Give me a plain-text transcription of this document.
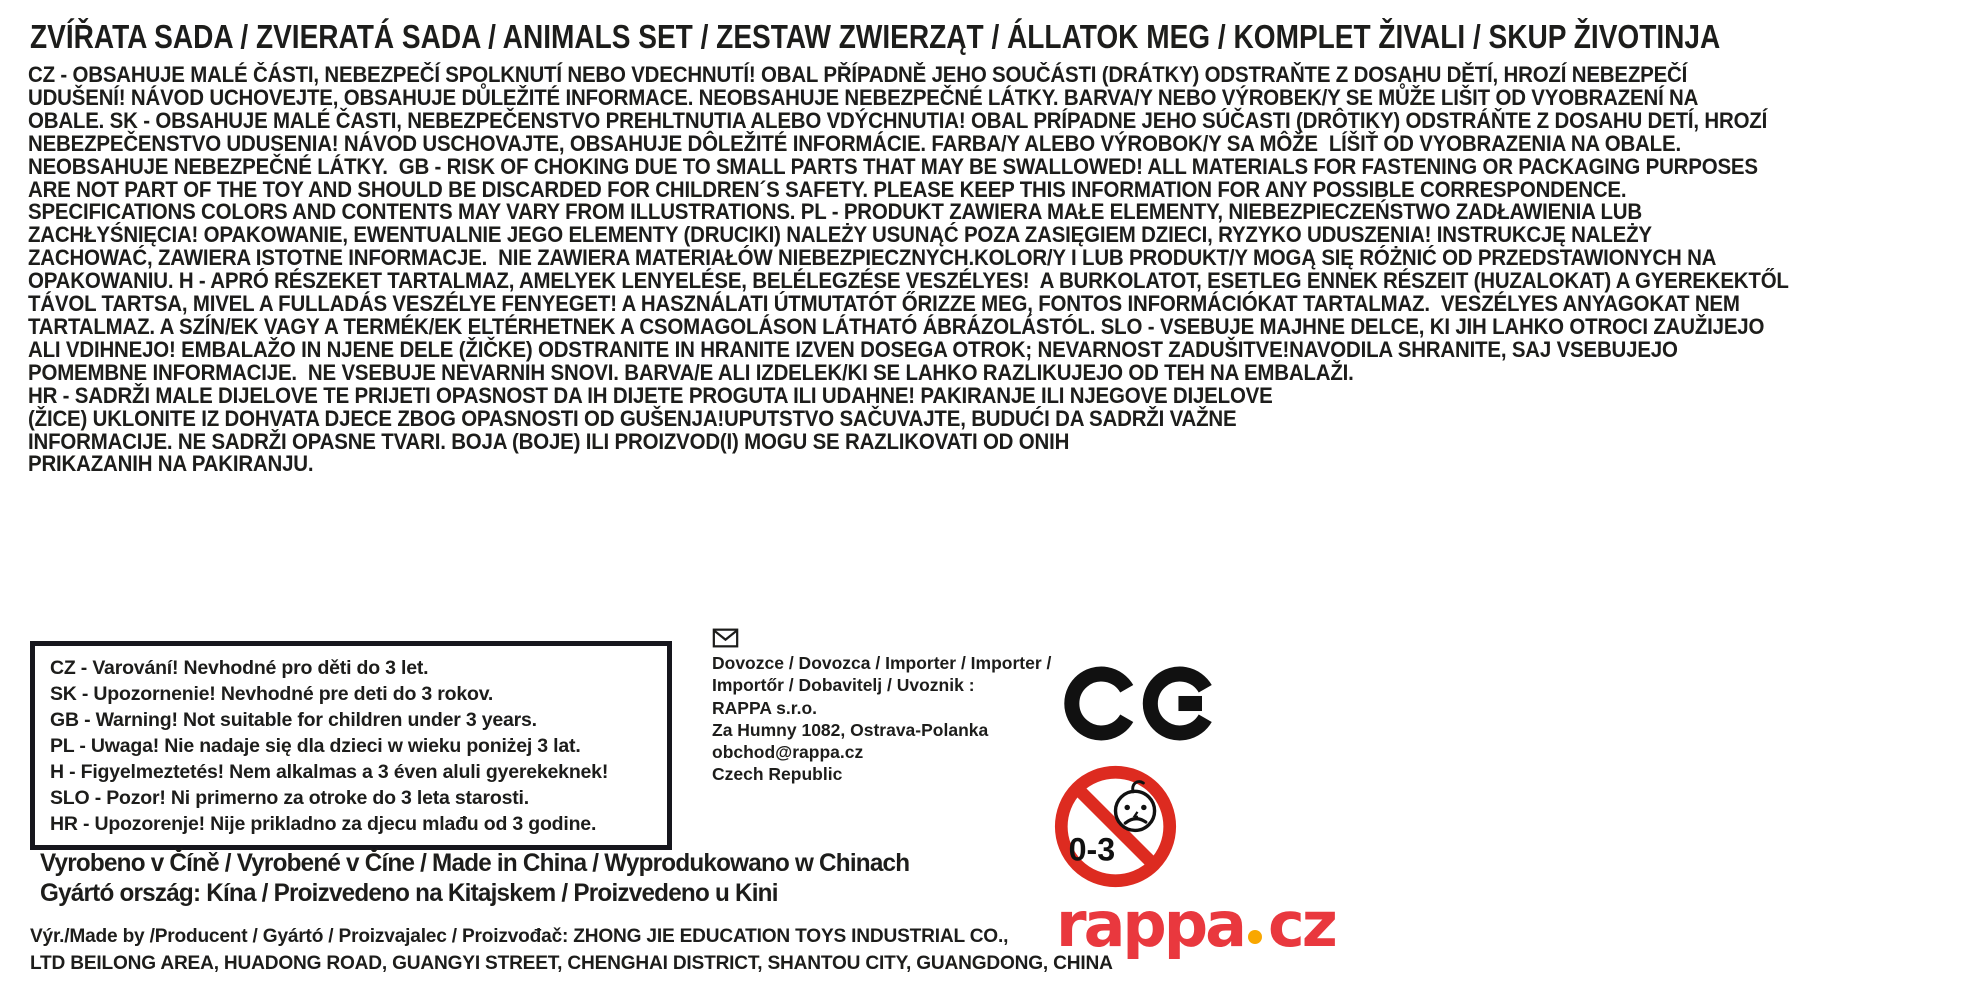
ZVÍŘATA SADA / ZVIERATÁ SADA / ANIMALS SET / ZESTAW ZWIERZĄT / ÁLLATOK MEG / KOMPLET ŽIVALI / SKUP ŽIVOTINJA
CZ - OBSAHUJE MALÉ ČÁSTI, NEBEZPEČÍ SPOLKNUTÍ NEBO VDECHNUTÍ! OBAL PŘÍPADNĚ JEHO SOUČÁSTI (DRÁTKY) ODSTRAŇTE Z DOSAHU DĚTÍ, HROZÍ NEBEZPEČÍ
UDUŠENÍ! NÁVOD UCHOVEJTE, OBSAHUJE DŮLEŽITÉ INFORMACE. NEOBSAHUJE NEBEZPEČNÉ LÁTKY. BARVA/Y NEBO VÝROBEK/Y SE MŮŽE LIŠIT OD VYOBRAZENÍ NA
OBALE. SK - OBSAHUJE MALÉ ČASTI, NEBEZPEČENSTVO PREHLTNUTIA ALEBO VDÝCHNUTIA! OBAL PRÍPADNE JEHO SÚČASTI (DRÔTIKY) ODSTRÁŇTE Z DOSAHU DETÍ, HROZÍ
NEBEZPEČENSTVO UDUSENIA! NÁVOD USCHOVAJTE, OBSAHUJE DÔLEŽITÉ INFORMÁCIE. FARBA/Y ALEBO VÝROBOK/Y SA MÔŽE  LÍŠIŤ OD VYOBRAZENIA NA OBALE.
NEOBSAHUJE NEBEZPEČNÉ LÁTKY.  GB - RISK OF CHOKING DUE TO SMALL PARTS THAT MAY BE SWALLOWED! ALL MATERIALS FOR FASTENING OR PACKAGING PURPOSES
ARE NOT PART OF THE TOY AND SHOULD BE DISCARDED FOR CHILDREN´S SAFETY. PLEASE KEEP THIS INFORMATION FOR ANY POSSIBLE CORRESPONDENCE.
SPECIFICATIONS COLORS AND CONTENTS MAY VARY FROM ILLUSTRATIONS. PL - PRODUKT ZAWIERA MAŁE ELEMENTY, NIEBEZPIECZEŃSTWO ZADŁAWIENIA LUB
ZACHŁYŚNIĘCIA! OPAKOWANIE, EWENTUALNIE JEGO ELEMENTY (DRUCIKI) NALEŻY USUNĄĆ POZA ZASIĘGIEM DZIECI, RYZYKO UDUSZENIA! INSTRUKCJĘ NALEŻY
ZACHOWAĆ, ZAWIERA ISTOTNE INFORMACJE.  NIE ZAWIERA MATERIAŁÓW NIEBEZPIECZNYCH.KOLOR/Y I LUB PRODUKT/Y MOGĄ SIĘ RÓŻNIĆ OD PRZEDSTAWIONYCH NA
OPAKOWANIU. H - APRÓ RÉSZEKET TARTALMAZ, AMELYEK LENYELÉSE, BELÉLEGZÉSE VESZÉLYES!  A BURKOLATOT, ESETLEG ENNEK RÉSZEIT (HUZALOKAT) A GYEREKEKTŐL
TÁVOL TARTSA, MIVEL A FULLADÁS VESZÉLYE FENYEGET! A HASZNÁLATI ÚTMUTATÓT ŐRIZZE MEG, FONTOS INFORMÁCIÓKAT TARTALMAZ.  VESZÉLYES ANYAGOKAT NEM
TARTALMAZ. A SZÍN/EK VAGY A TERMÉK/EK ELTÉRHETNEK A CSOMAGOLÁSON LÁTHATÓ ÁBRÁZOLÁSTÓL. SLO - VSEBUJE MAJHNE DELCE, KI JIH LAHKO OTROCI ZAUŽIJEJO
ALI VDIHNEJO! EMBALAŽO IN NJENE DELE (ŽIČKE) ODSTRANITE IN HRANITE IZVEN DOSEGA OTROK; NEVARNOST ZADUŠITVE!NAVODILA SHRANITE, SAJ VSEBUJEJO
POMEMBNE INFORMACIJE.  NE VSEBUJE NEVARNIH SNOVI. BARVA/E ALI IZDELEK/KI SE LAHKO RAZLIKUJEJO OD TEH NA EMBALAŽI.
HR - SADRŽI MALE DIJELOVE TE PRIJETI OPASNOST DA IH DIJETE PROGUTA ILI UDAHNE! PAKIRANJE ILI NJEGOVE DIJELOVE
(ŽICE) UKLONITE IZ DOHVATA DJECE ZBOG OPASNOSTI OD GUŠENJA!UPUTSTVO SAČUVAJTE, BUDUĆI DA SADRŽI VAŽNE
INFORMACIJE. NE SADRŽI OPASNE TVARI. BOJA (BOJE) ILI PROIZVOD(I) MOGU SE RAZLIKOVATI OD ONIH
PRIKAZANIH NA PAKIRANJU.
CZ - Varování! Nevhodné pro děti do 3 let.
SK - Upozornenie! Nevhodné pre deti do 3 rokov.
GB - Warning! Not suitable for children under 3 years.
PL - Uwaga! Nie nadaje się dla dzieci w wieku poniżej 3 lat.
H - Figyelmeztetés! Nem alkalmas a 3 éven aluli gyerekeknek!
SLO - Pozor! Ni primerno za otroke do 3 leta starosti.
HR - Upozorenje! Nije prikladno za djecu mlađu od 3 godine.
Dovozce / Dovozca / Importer / Importer /
Importőr / Dobavitelj / Uvoznik :
RAPPA s.r.o.
Za Humny 1082, Ostrava-Polanka
obchod@rappa.cz
Czech Republic
0-3
Vyrobeno v Číně / Vyrobené v Číne / Made in China / Wyprodukowano w Chinach
Gyártó ország: Kína / Proizvedeno na Kitajskem / Proizvedeno u Kini
Výr./Made by /Producent / Gyártó / Proizvajalec / Proizvođač: ZHONG JIE EDUCATION TOYS INDUSTRIAL CO.,
LTD BEILONG AREA, HUADONG ROAD, GUANGYI STREET, CHENGHAI DISTRICT, SHANTOU CITY, GUANGDONG, CHINA
rappa cz
